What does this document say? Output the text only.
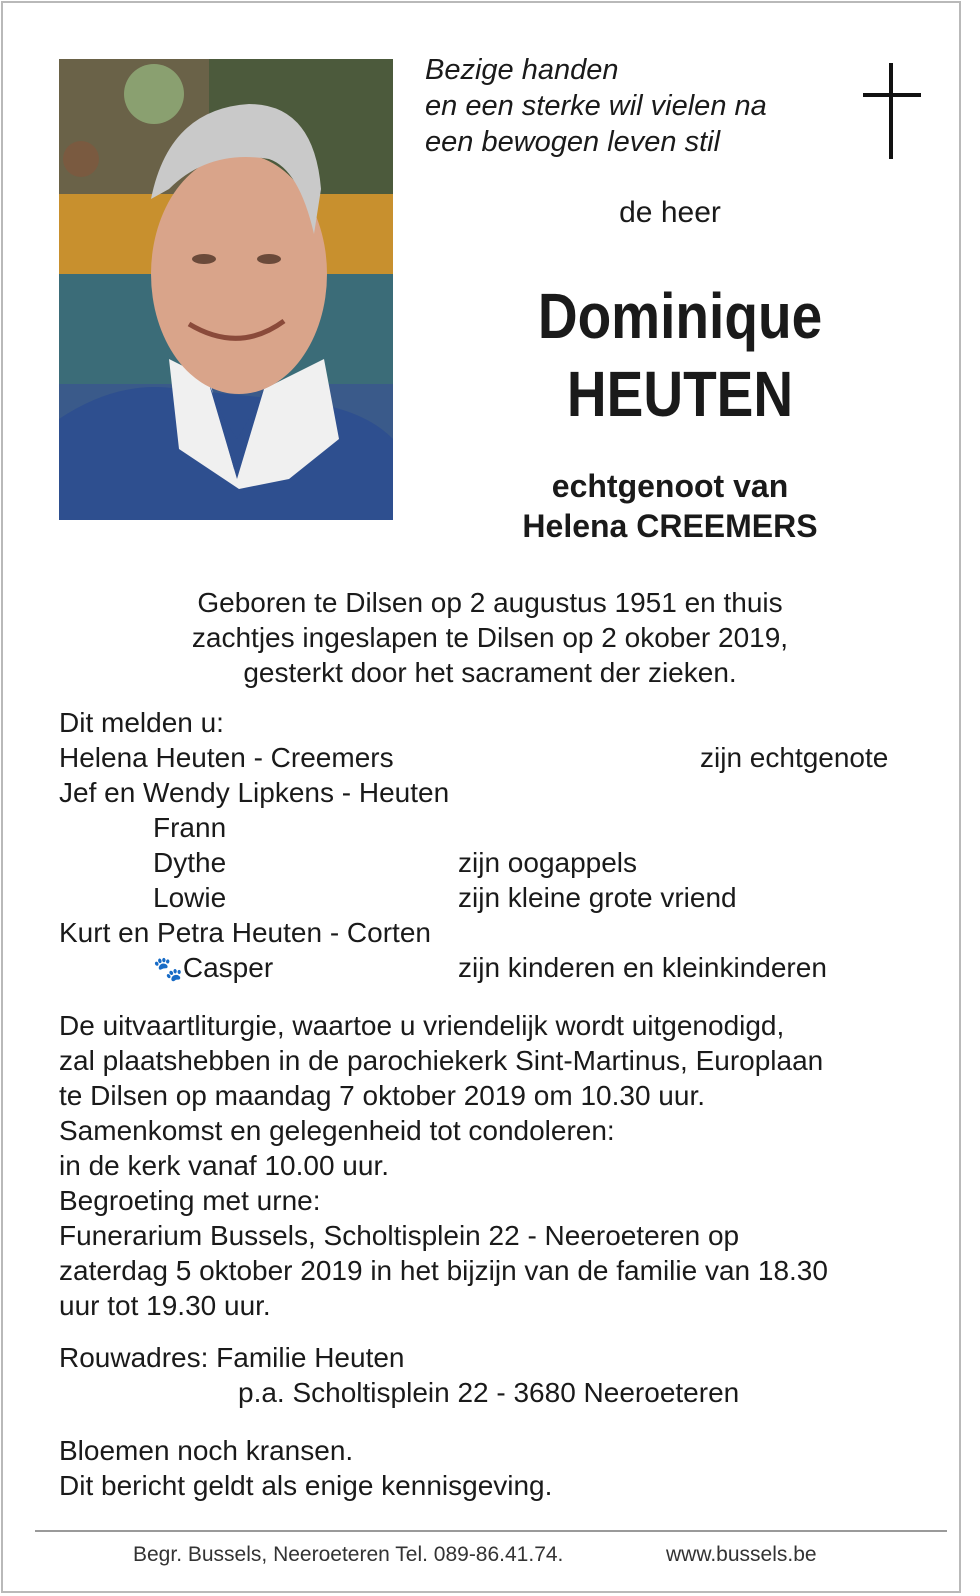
Bezige handen
en een sterke wil vielen na
een bewogen leven stil
de heer
Dominique
HEUTEN
echtgenoot van
Helena CREEMERS
Geboren te Dilsen op 2 augustus 1951 en thuis
zachtjes ingeslapen te Dilsen op 2 okober 2019,
gesterkt door het sacrament der zieken.
Dit melden u:
Helena Heuten - Creemers	zijn echtgenote
Jef en Wendy Lipkens - Heuten
Frann
Dythe	zijn oogappels
Lowie	zijn kleine grote vriend
Kurt en Petra Heuten - Corten
🐾Casper	zijn kinderen en kleinkinderen
De uitvaartliturgie, waartoe u vriendelijk wordt uitgenodigd,
zal plaatshebben in de parochiekerk Sint-Martinus, Europlaan
te Dilsen op maandag 7 oktober 2019 om 10.30 uur.
Samenkomst en gelegenheid tot condoleren:
in de kerk vanaf 10.00 uur.
Begroeting met urne:
Funerarium Bussels, Scholtisplein 22 - Neeroeteren op
zaterdag 5 oktober 2019 in het bijzijn van de familie van 18.30
uur tot 19.30 uur.
Rouwadres: Familie Heuten
p.a. Scholtisplein 22 - 3680 Neeroeteren
Bloemen noch kransen.
Dit bericht geldt als enige kennisgeving.
Begr. Bussels, Neeroeteren Tel. 089-86.41.74.	www.bussels.be
